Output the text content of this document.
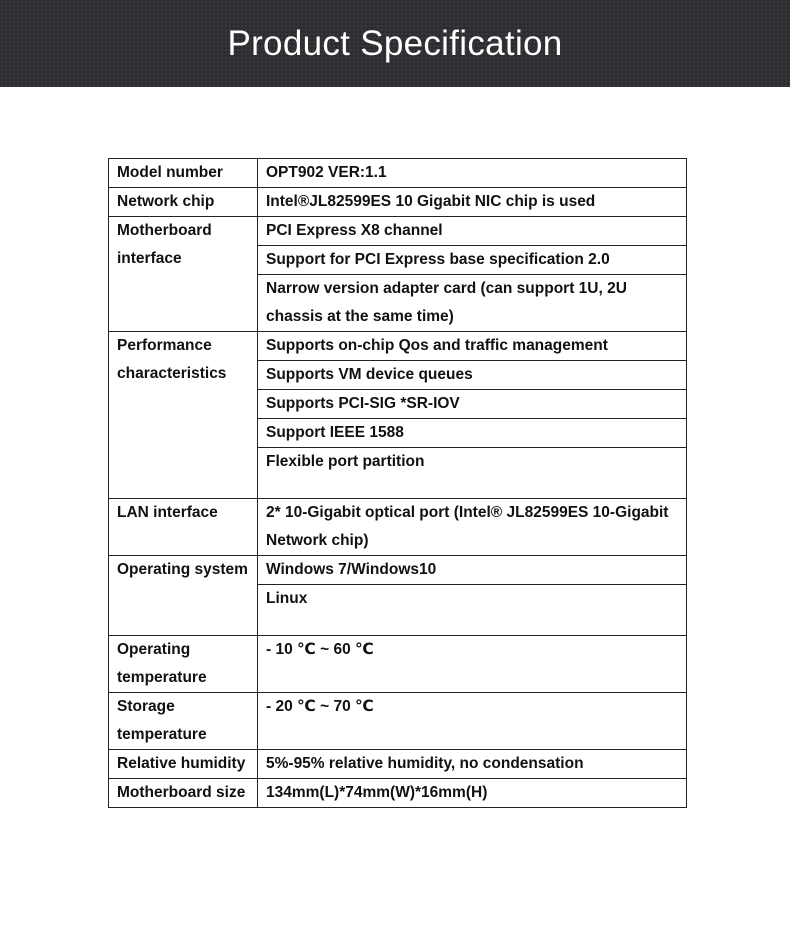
Product Specification
Model number	OPT902 VER:1.1
Network chip	Intel®JL82599ES 10 Gigabit NIC chip is used
Motherboard interface	PCI Express X8 channel
	Support for PCI Express base specification 2.0
	Narrow version adapter card (can support 1U, 2U chassis at the same time)
Performance characteristics	Supports on-chip Qos and traffic management
	Supports VM device queues
	Supports PCI-SIG *SR-IOV
	Support IEEE 1588
	Flexible port partition
LAN interface	2* 10-Gigabit optical port (Intel® JL82599ES 10-Gigabit Network chip)
Operating system	Windows 7/Windows10
	Linux
Operating temperature	- 10 ℃ ~ 60 ℃
Storage temperature	- 20 ℃ ~ 70 ℃
Relative humidity	5%-95% relative humidity, no condensation
Motherboard size	134mm(L)*74mm(W)*16mm(H)
